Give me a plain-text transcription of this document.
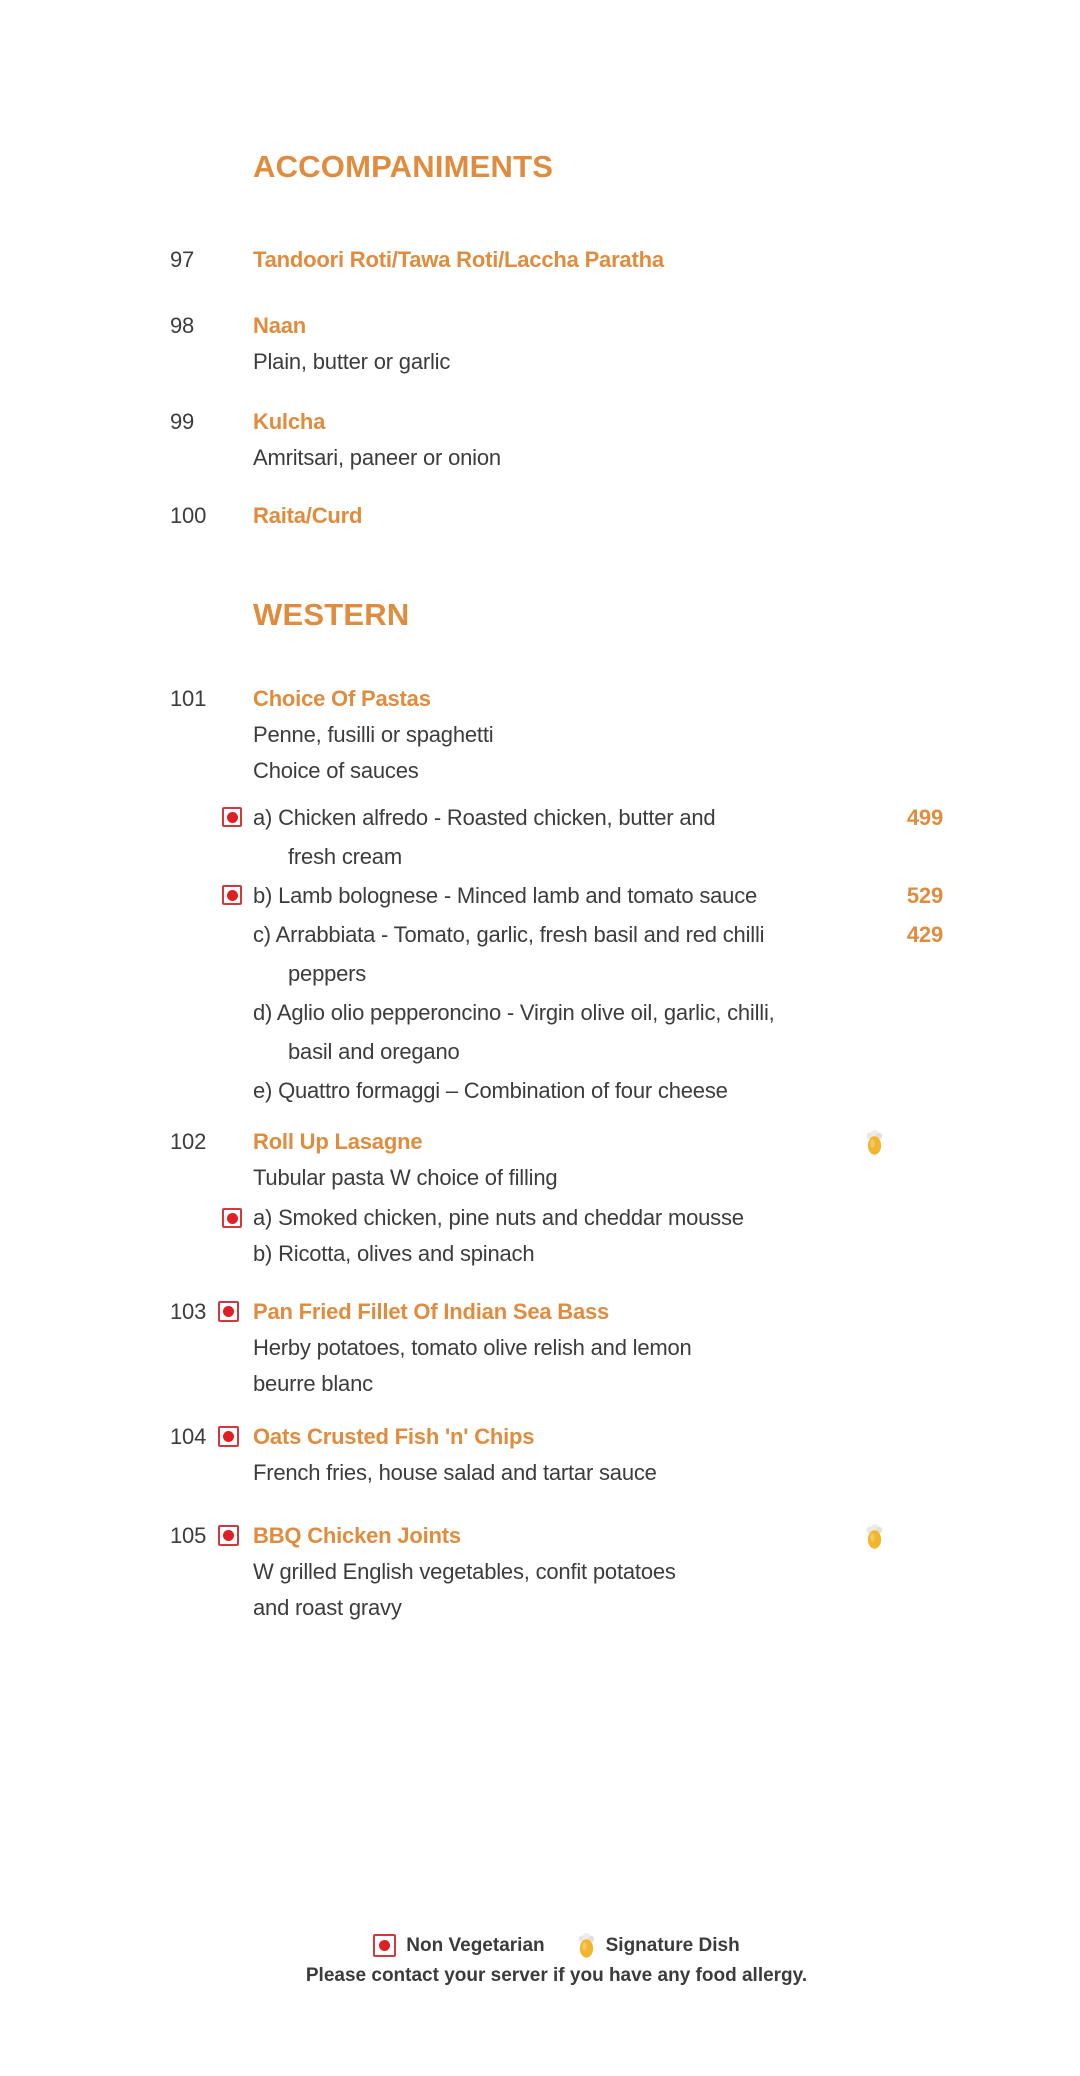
ACCOMPANIMENTS
97	Tandoori Roti/Tawa Roti/Laccha Paratha
98	Naan
Plain, butter or garlic
99	Kulcha
Amritsari, paneer or onion
100	Raita/Curd
WESTERN
101	Choice Of Pastas
Penne, fusilli or spaghetti
Choice of sauces
a) Chicken alfredo - Roasted chicken, butter and	499
fresh cream
b) Lamb bolognese - Minced lamb and tomato sauce	529
c) Arrabbiata - Tomato, garlic, fresh basil and red chilli	429
peppers
d) Aglio olio pepperoncino - Virgin olive oil, garlic, chilli,
basil and oregano
e) Quattro formaggi – Combination of four cheese
102	Roll Up Lasagne
Tubular pasta W choice of filling
a) Smoked chicken, pine nuts and cheddar mousse
b) Ricotta, olives and spinach
103	Pan Fried Fillet Of Indian Sea Bass
Herby potatoes, tomato olive relish and lemon
beurre blanc
104	Oats Crusted Fish 'n' Chips
French fries, house salad and tartar sauce
105	BBQ Chicken Joints
W grilled English vegetables, confit potatoes
and roast gravy
Non Vegetarian	Signature Dish
Please contact your server if you have any food allergy.
